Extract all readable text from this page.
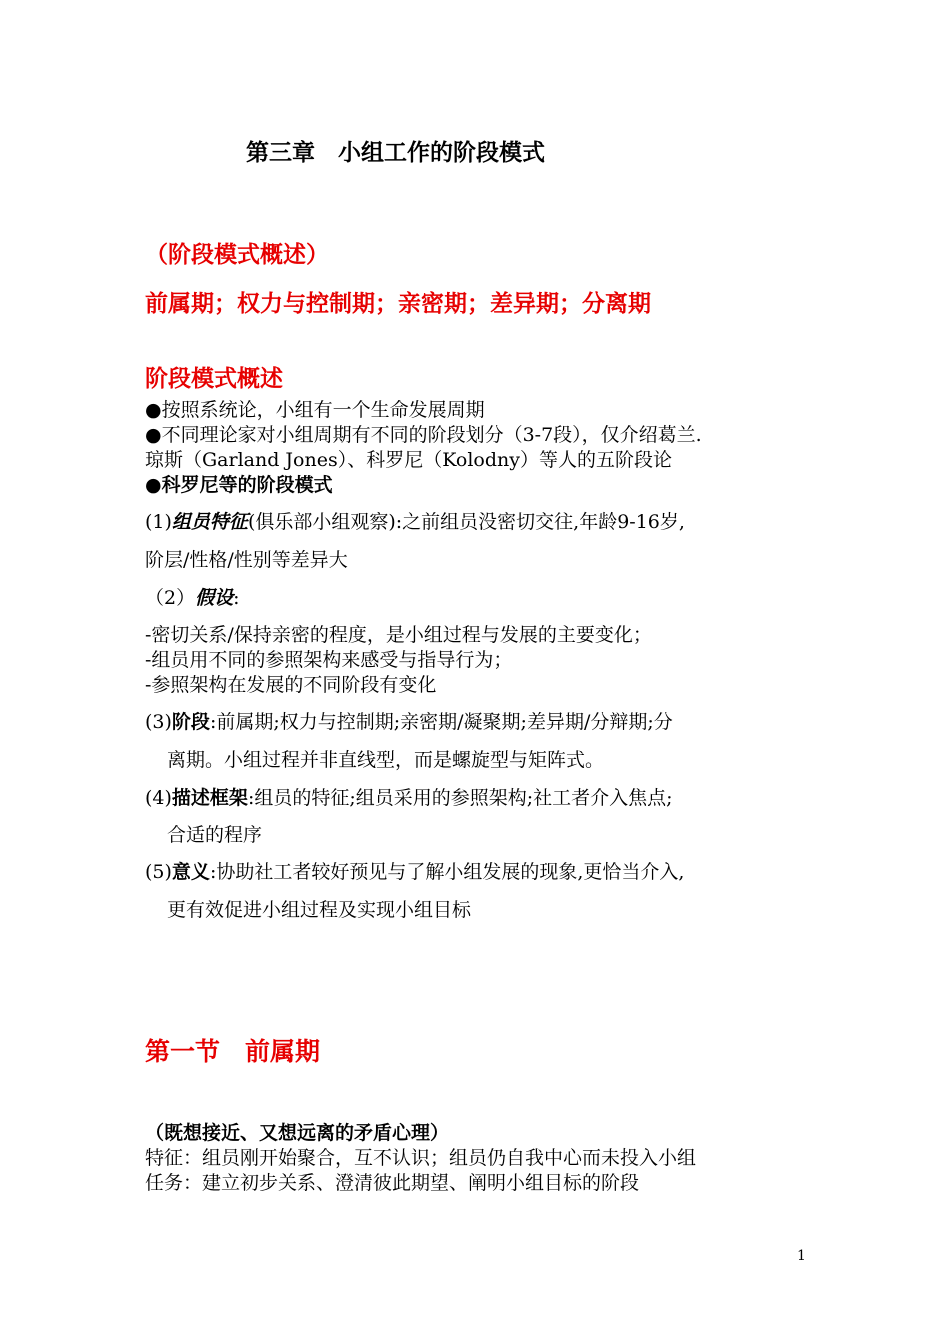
第三章　小组工作的阶段模式
（阶段模式概述）
前属期；权力与控制期；亲密期；差异期；分离期
阶段模式概述
●按照系统论，小组有一个生命发展周期
●不同理论家对小组周期有不同的阶段划分（3-7段），仅介绍葛兰.
琼斯（Garland Jones）、科罗尼（Kolodny）等人的五阶段论
●科罗尼等的阶段模式
(1)组员特征(俱乐部小组观察):之前组员没密切交往,年龄9-16岁,
阶层/性格/性别等差异大
（2）假设:
-密切关系/保持亲密的程度，是小组过程与发展的主要变化；
-组员用不同的参照架构来感受与指导行为；
-参照架构在发展的不同阶段有变化
(3)阶段:前属期;权力与控制期;亲密期/凝聚期;差异期/分辩期;分
离期。小组过程并非直线型，而是螺旋型与矩阵式。
(4)描述框架:组员的特征;组员采用的参照架构;社工者介入焦点;
合适的程序
(5)意义:协助社工者较好预见与了解小组发展的现象,更恰当介入,
更有效促进小组过程及实现小组目标
第一节　前属期
（既想接近、又想远离的矛盾心理）
特征：组员刚开始聚合，互不认识；组员仍自我中心而未投入小组
任务：建立初步关系、澄清彼此期望、阐明小组目标的阶段
1
